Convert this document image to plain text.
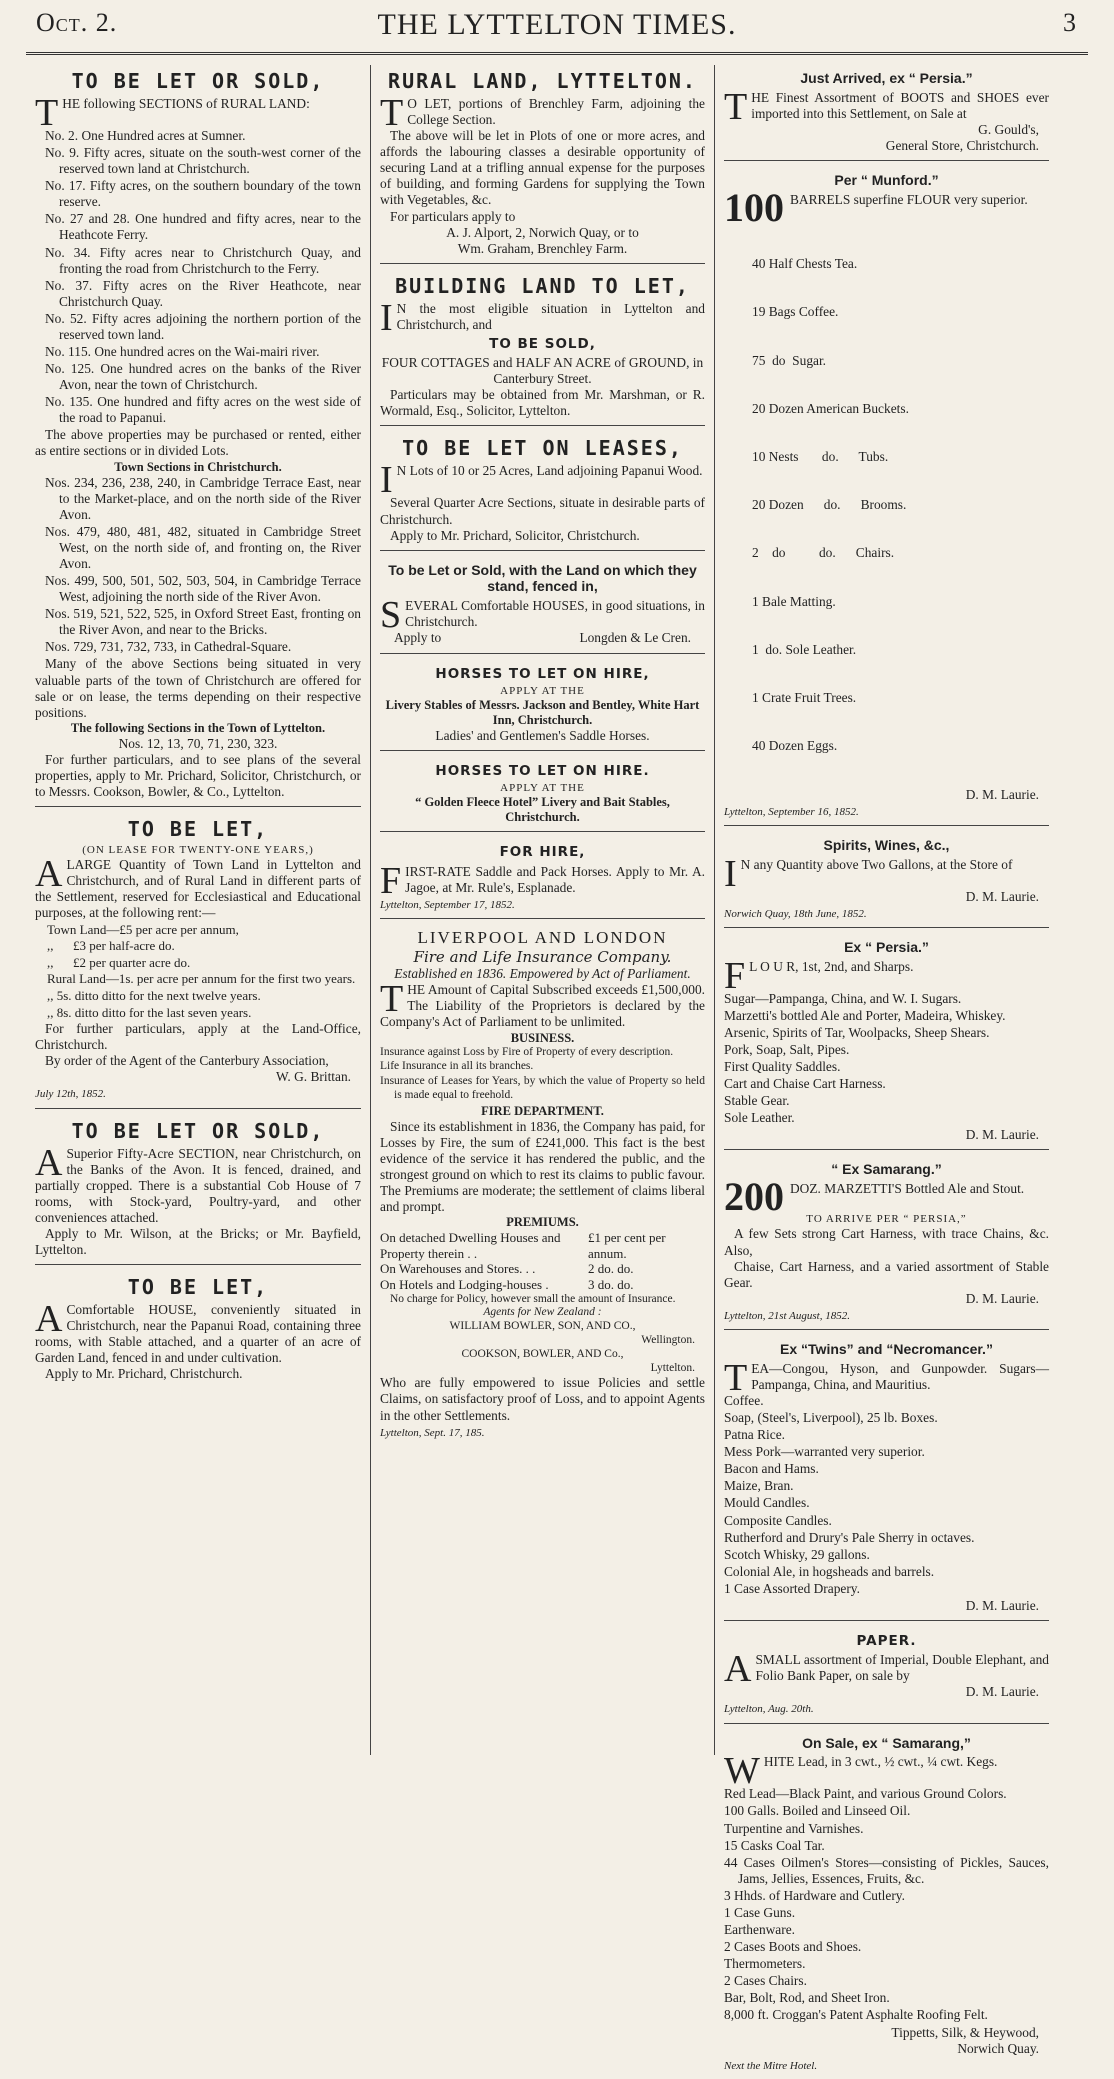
Oct. 2.	THE LYTTELTON TIMES.	3
TO BE LET OR SOLD,

THE following SECTIONS of RURAL LAND:

No. 2. One Hundred acres at Sumner.

No. 9. Fifty acres, situate on the south-west corner of the reserved town land at Christchurch.

No. 17. Fifty acres, on the southern boundary of the town reserve.

No. 27 and 28. One hundred and fifty acres, near to the Heathcote Ferry.

No. 34. Fifty acres near to Christchurch Quay, and fronting the road from Christchurch to the Ferry.

No. 37. Fifty acres on the River Heathcote, near Christchurch Quay.

No. 52. Fifty acres adjoining the northern portion of the reserved town land.

No. 115. One hundred acres on the Wai-mairi river.

No. 125. One hundred acres on the banks of the River Avon, near the town of Christchurch.

No. 135. One hundred and fifty acres on the west side of the road to Papanui.

The above properties may be purchased or rented, either as entire sections or in divided Lots.

Town Sections in Christchurch.

Nos. 234, 236, 238, 240, in Cambridge Terrace East, near to the Market-place, and on the north side of the River Avon.

Nos. 479, 480, 481, 482, situated in Cambridge Street West, on the north side of, and fronting on, the River Avon.

Nos. 499, 500, 501, 502, 503, 504, in Cambridge Terrace West, adjoining the north side of the River Avon.

Nos. 519, 521, 522, 525, in Oxford Street East, fronting on the River Avon, and near to the Bricks.

Nos. 729, 731, 732, 733, in Cathedral-Square.

Many of the above Sections being situated in very valuable parts of the town of Christchurch are offered for sale or on lease, the terms depending on their respective positions.

The following Sections in the Town of Lyttelton.
Nos. 12, 13, 70, 71, 230, 323.

For further particulars, and to see plans of the several properties, apply to Mr. Prichard, Solicitor, Christchurch, or to Messrs. Cookson, Bowler, & Co., Lyttelton.

TO BE LET,
(ON LEASE FOR TWENTY-ONE YEARS,)

ALARGE Quantity of Town Land in Lyttelton and Christchurch, and of Rural Land in different parts of the Settlement, reserved for Ecclesiastical and Educational purposes, at the following rent:—

Town Land—£5 per acre per annum,
,,      £3 per half-acre do.
,,      £2 per quarter acre do.
Rural Land—1s. per acre per annum for the first two years.
,, 5s. ditto ditto for the next twelve years.
,, 8s. ditto ditto for the last seven years.

For further particulars, apply at the Land-Office, Christchurch.

By order of the Agent of the Canterbury Association,

W. G. Brittan.
July 12th, 1852.
TO BE LET OR SOLD,

A Superior Fifty-Acre SECTION, near Christchurch, on the Banks of the Avon. It is fenced, drained, and partially cropped. There is a substantial Cob House of 7 rooms, with Stock-yard, Poultry-yard, and other conveniences attached.

Apply to Mr. Wilson, at the Bricks; or Mr. Bayfield, Lyttelton.

TO BE LET,

A Comfortable HOUSE, conveniently situated in Christchurch, near the Papanui Road, containing three rooms, with Stable attached, and a quarter of an acre of Garden Land, fenced in and under cultivation.

Apply to Mr. Prichard, Christchurch.

RURAL LAND, LYTTELTON.

T O LET, portions of Brenchley Farm, adjoining the College Section.

The above will be let in Plots of one or more acres, and affords the labouring classes a desirable opportunity of securing Land at a trifling annual expense for the purposes of building, and forming Gardens for supplying the Town with Vegetables, &c.

For particulars apply to

A. J. Alport, 2, Norwich Quay, or to
Wm. Graham, Brenchley Farm.
BUILDING LAND TO LET,

I N the most eligible situation in Lyttelton and Christchurch, and

TO BE SOLD,
FOUR COTTAGES and HALF AN ACRE of GROUND, in Canterbury Street.

Particulars may be obtained from Mr. Marshman, or R. Wormald, Esq., Solicitor, Lyttelton.

TO BE LET ON LEASES,

I N Lots of 10 or 25 Acres, Land adjoining Papanui Wood.

Several Quarter Acre Sections, situate in desirable parts of Christchurch.

Apply to Mr. Prichard, Solicitor, Christchurch.

To be Let or Sold, with the Land on which they stand, fenced in,

SEVERAL Comfortable HOUSES, in good situations, in Christchurch.

Apply to	Longden & Le Cren.
HORSES TO LET ON HIRE,
APPLY AT THE
Livery Stables of Messrs. Jackson and Bentley, White Hart Inn, Christchurch.
Ladies' and Gentlemen's Saddle Horses.
HORSES TO LET ON HIRE.
APPLY AT THE
“ Golden Fleece Hotel” Livery and Bait Stables, Christchurch.
FOR HIRE,

FIRST-RATE Saddle and Pack Horses. Apply to Mr. A. Jagoe, at Mr. Rule's, Esplanade.

Lyttelton, September 17, 1852.
LIVERPOOL AND LONDON
Fire and Life Insurance Company.
Established en 1836. Empowered by Act of Parliament.

THE Amount of Capital Subscribed exceeds £1,500,000. The Liability of the Proprietors is declared by the Company's Act of Parliament to be unlimited.

BUSINESS.

Insurance against Loss by Fire of Property of every description.

Life Insurance in all its branches.

Insurance of Leases for Years, by which the value of Property so held is made equal to freehold.

FIRE DEPARTMENT.

Since its establishment in 1836, the Company has paid, for Losses by Fire, the sum of £241,000. This fact is the best evidence of the service it has rendered the public, and the strongest ground on which to rest its claims to public favour. The Premiums are moderate; the settlement of claims liberal and prompt.

PREMIUMS.
On detached Dwelling Houses and Property therein . .	£1 per cent per annum.
On Warehouses and Stores. . .	2 do. do.
On Hotels and Lodging-houses .	3 do. do.

No charge for Policy, however small the amount of Insurance.

Agents for New Zealand :
WILLIAM BOWLER, SON, AND CO.,
Wellington.
COOKSON, BOWLER, AND Co.,
Lyttelton.

Who are fully empowered to issue Policies and settle Claims, on satisfactory proof of Loss, and to appoint Agents in the other Settlements.

Lyttelton, Sept. 17, 185.
Just Arrived, ex “ Persia.”

THE Finest Assortment of BOOTS and SHOES ever imported into this Settlement, on Sale at

G. Gould's,
General Store, Christchurch.
Per “ Munford.”

100 BARRELS superfine FLOUR very superior.

40 Half Chests Tea.

19 Bags Coffee.

75  do  Sugar.

20 Dozen American Buckets.

10 Nests       do.      Tubs.

20 Dozen      do.      Brooms.

2    do          do.      Chairs.

1 Bale Matting.

1  do. Sole Leather.

1 Crate Fruit Trees.

40 Dozen Eggs.

D. M. Laurie.
Lyttelton, September 16, 1852.
Spirits, Wines, &c.,

I N any Quantity above Two Gallons, at the Store of

D. M. Laurie.
Norwich Quay, 18th June, 1852.
Ex “ Persia.”

F L O U R, 1st, 2nd, and Sharps.

Sugar—Pampanga, China, and W. I. Sugars.

Marzetti's bottled Ale and Porter, Madeira, Whiskey.

Arsenic, Spirits of Tar, Woolpacks, Sheep Shears.

Pork, Soap, Salt, Pipes.

First Quality Saddles.

Cart and Chaise Cart Harness.

Stable Gear.

Sole Leather.

D. M. Laurie.
“ Ex Samarang.”

200 DOZ. MARZETTI'S Bottled Ale and Stout.

TO ARRIVE PER “ PERSIA,”

A few Sets strong Cart Harness, with trace Chains, &c. Also,

Chaise, Cart Harness, and a varied assortment of Stable Gear.

D. M. Laurie.
Lyttelton, 21st August, 1852.
Ex “Twins” and “Necromancer.”

TEA—Congou, Hyson, and Gunpowder. Sugars—Pampanga, China, and Mauritius.

Coffee.

Soap, (Steel's, Liverpool), 25 lb. Boxes.

Patna Rice.

Mess Pork—warranted very superior.

Bacon and Hams.

Maize, Bran.

Mould Candles.

Composite Candles.

Rutherford and Drury's Pale Sherry in octaves.

Scotch Whisky, 29 gallons.

Colonial Ale, in hogsheads and barrels.

1 Case Assorted Drapery.

D. M. Laurie.
PAPER.

ASMALL assortment of Imperial, Double Elephant, and Folio Bank Paper, on sale by

D. M. Laurie.
Lyttelton, Aug. 20th.
On Sale, ex “ Samarang,”

WHITE Lead, in 3 cwt., ½ cwt., ¼ cwt. Kegs.

Red Lead—Black Paint, and various Ground Colors.

100 Galls. Boiled and Linseed Oil.

Turpentine and Varnishes.

15 Casks Coal Tar.

44 Cases Oilmen's Stores—consisting of Pickles, Sauces, Jams, Jellies, Essences, Fruits, &c.

3 Hhds. of Hardware and Cutlery.

1 Case Guns.

Earthenware.

2 Cases Boots and Shoes.

Thermometers.

2 Cases Chairs.

Bar, Bolt, Rod, and Sheet Iron.

8,000 ft. Croggan's Patent Asphalte Roofing Felt.

Tippetts, Silk, & Heywood,
Norwich Quay.
Next the Mitre Hotel.
